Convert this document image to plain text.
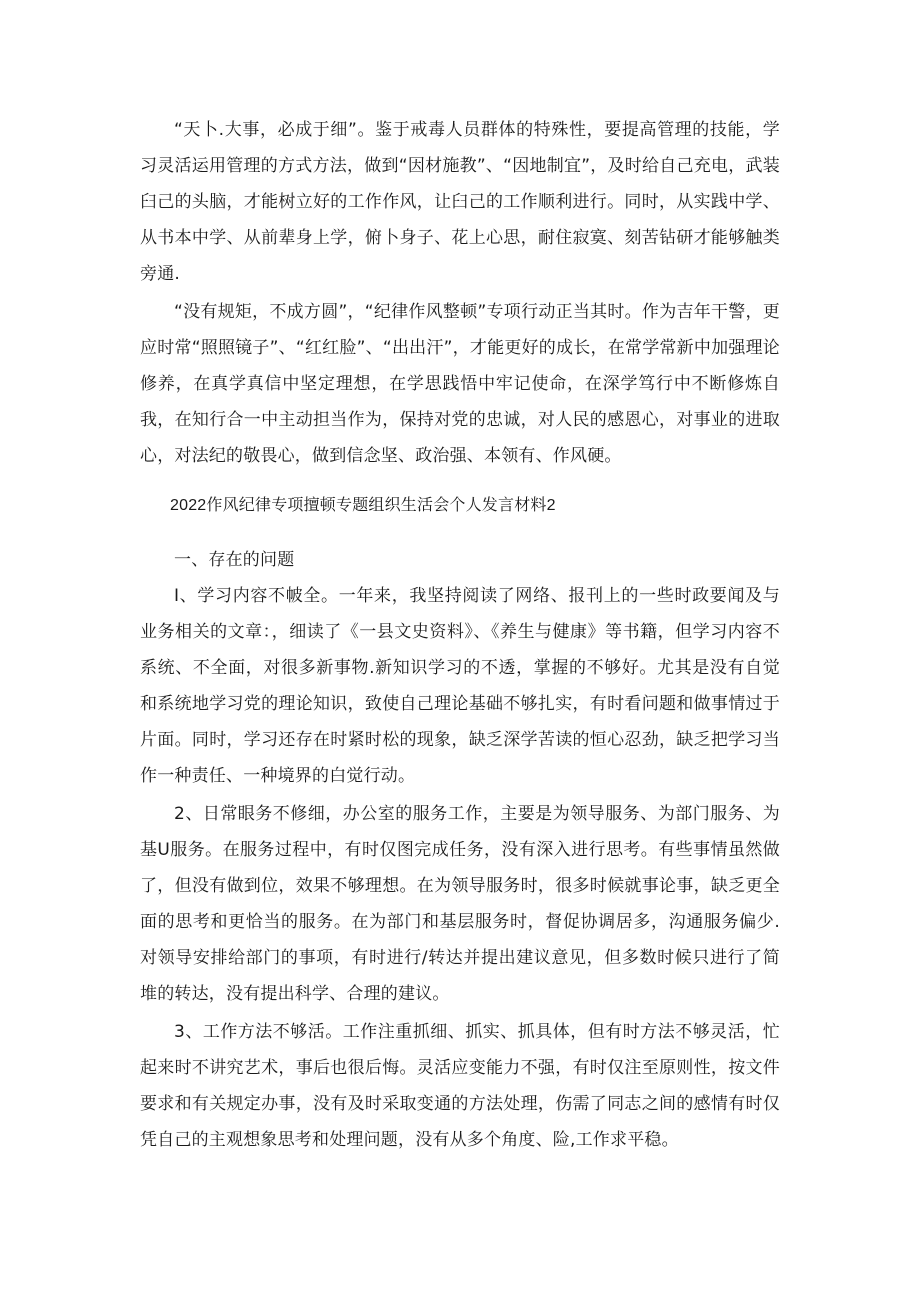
“天卜.大事，必成于细”。鉴于戒毒人员群体的特殊性，要提高管理的技能，学习灵活运用管理的方式方法，做到“因材施教”、“因地制宜”，及时给自己充电，武装臼己的头脑，才能树立好的工作作风，让臼己的工作顺利进行。同时，从实践中学、从书本中学、从前辈身上学，俯卜身子、花上心思，耐住寂寞、刻苦钻研才能够触类旁通.

“没有规矩，不成方圆”，“纪律作风整顿”专项行动正当其时。作为吉年干警，更应时常“照照镜子”、“红红脸”、“出出汗”，才能更好的成长，在常学常新中加强理论修养，在真学真信中坚定理想，在学思践悟中牢记使命，在深学笃行中不断修炼自我，在知行合一中主动担当作为，保持对党的忠诚，对人民的感恩心，对事业的进取心，对法纪的敬畏心，做到信念坚、政治强、本领有、作风硬。

2022作风纪律专项擅顿专题组织生活会个人发言材料2

一、存在的问题

I、学习内容不帔全。一年来，我坚持阅读了网络、报刊上的一些时政要闻及与业务相关的文章：，细读了《一县文史资料》、《养生与健康》等书籍，但学习内容不系统、不全面，对很多新事物.新知识学习的不透，掌握的不够好。尤其是没有自觉和系统地学习党的理论知识，致使自己理论基础不够扎实，有时看问题和做事情过于片面。同时，学习还存在时紧时松的现象，缺乏深学苦读的恒心忍劲，缺乏把学习当作一种责任、一种境界的白觉行动。

2、日常眼务不修细，办公室的服务工作，主要是为领导服务、为部门服务、为基U服务。在服务过程中，有时仅图完成任务，没有深入进行思考。有些事情虽然做了，但没有做到位，效果不够理想。在为领导服务时，很多时候就事论事，缺乏更全面的思考和更恰当的服务。在为部门和基层服务时，督促协调居多，沟通服务偏少.对领导安排给部门的事项，有时进行/转达并提出建议意见，但多数时候只进行了简堆的转达，没有提出科学、合理的建议。

3、工作方法不够活。工作注重抓细、抓实、抓具体，但有时方法不够灵活，忙起来时不讲究艺术，事后也很后悔。灵活应变能力不强，有时仅注至原则性，按文件要求和有关规定办事，没有及时采取变通的方法处理，伤需了同志之间的感情有时仅凭自己的主观想象思考和处理问题，没有从多个角度、险,工作求平稳。
